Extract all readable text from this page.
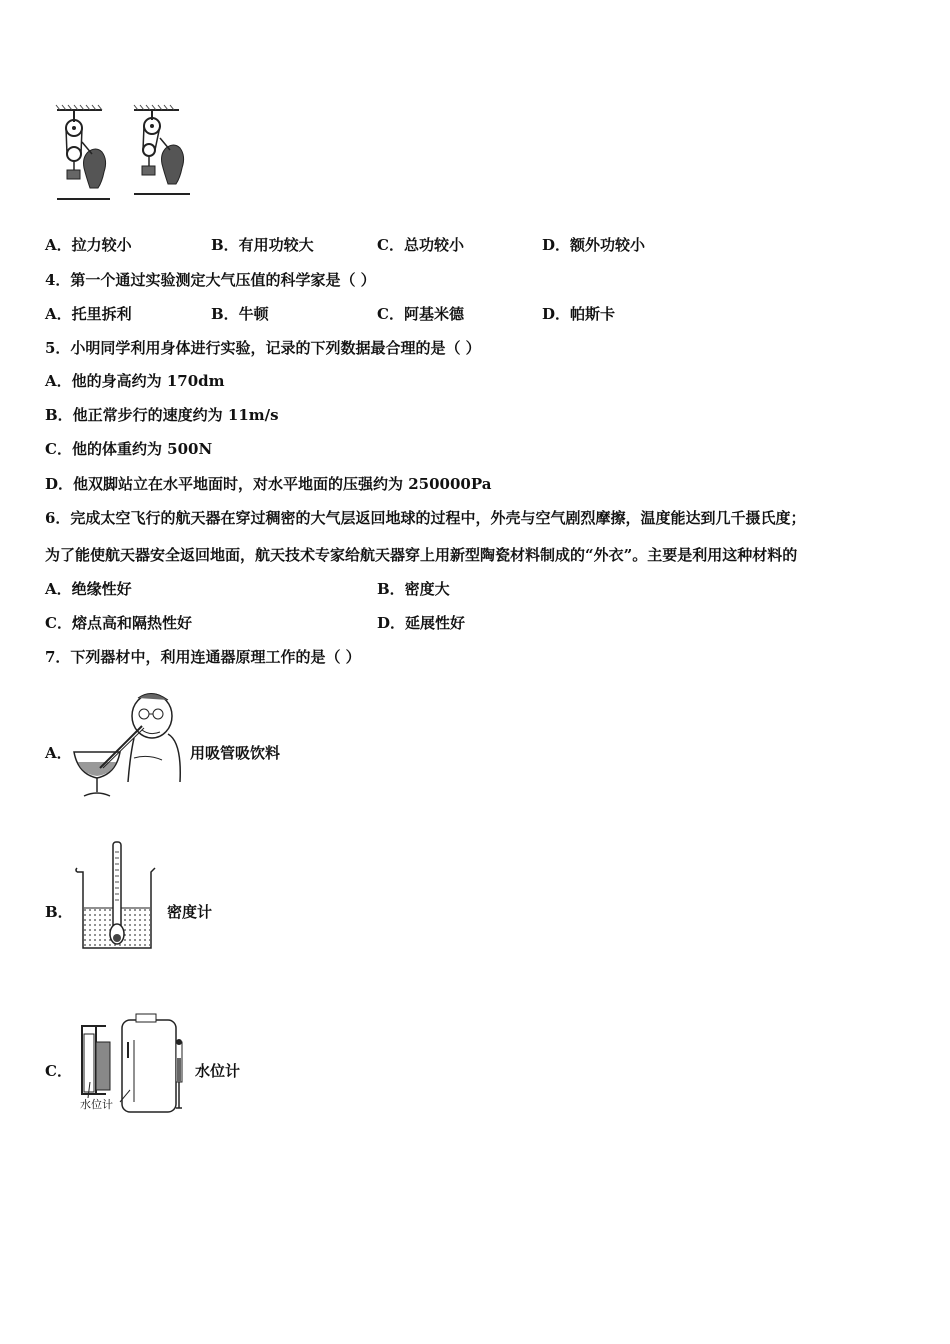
A．拉力较小	B．有用功较大	C．总功较小	D．额外功较小
4．第一个通过实验测定大气压值的科学家是（ ）
A．托里拆利	B．牛顿	C．阿基米德	D．帕斯卡
5．小明同学利用身体进行实验，记录的下列数据最合理的是（ ）
A．他的身高约为 170dm
B．他正常步行的速度约为 11m/s
C．他的体重约为 500N
D．他双脚站立在水平地面时，对水平地面的压强约为 250000Pa
6．完成太空飞行的航天器在穿过稠密的大气层返回地球的过程中，外壳与空气剧烈摩擦，温度能达到几千摄氏度；
为了能使航天器安全返回地面，航天技术专家给航天器穿上用新型陶瓷材料制成的“外衣”。主要是利用这种材料的
A．绝缘性好	B．密度大
C．熔点高和隔热性好	D．延展性好
7．下列器材中，利用连通器原理工作的是（ ）
A．	用吸管吸饮料
B．	密度计
C．
水位计
水位计
